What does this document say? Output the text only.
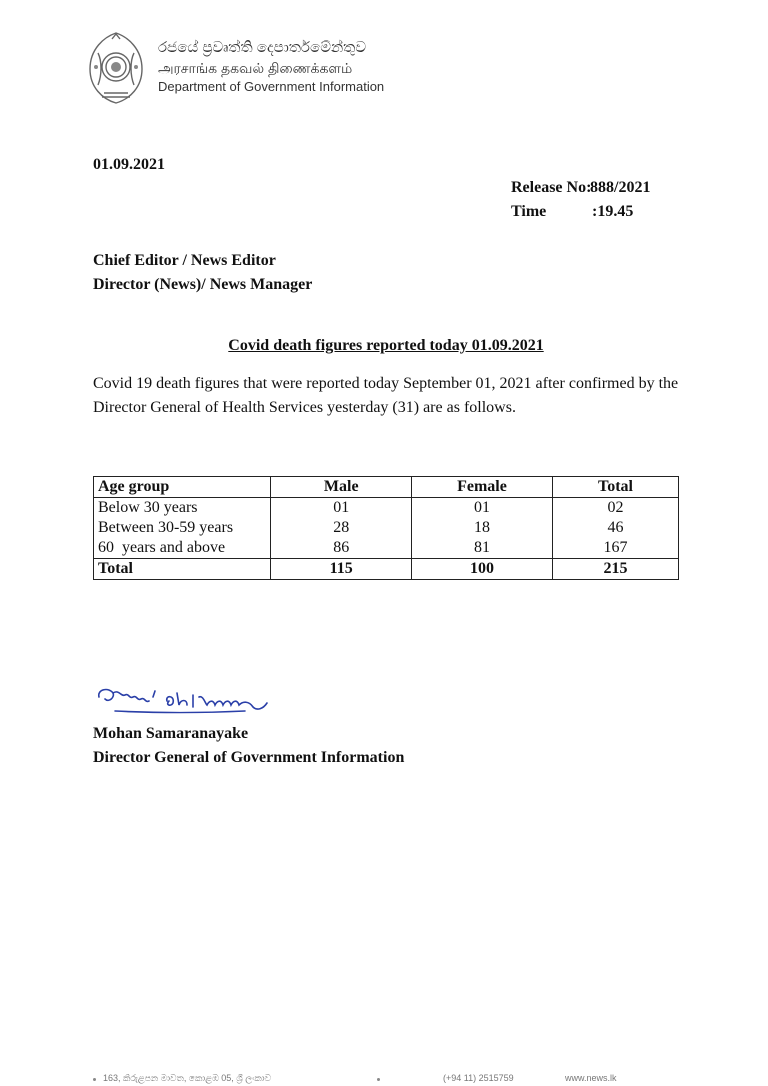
රජයේ ප්‍රවෘත්ති දෙපාර්තමේන්තුව
அரசாங்க தகவல் திணைக்களம்
Department of Government Information
01.09.2021
Release No:
888/2021
Time	:19.45
Chief Editor / News Editor
Director (News)/ News Manager
Covid death figures reported today 01.09.2021
Covid 19 death figures that were reported today September 01, 2021 after confirmed by the Director General of Health Services yesterday (31) are as follows.
Age group	Male	Female	Total
Below 30 years	01	01	02
Between 30-59 years	28	18	46
60  years and above	86	81	167
Total	115	100	215
Mohan Samaranayake
Director General of Government Information
163, කිරුළපන මාවත, කොළඹ 05, ශ්‍රී ලංකාව	(+94 11) 2515759	www.news.lk
